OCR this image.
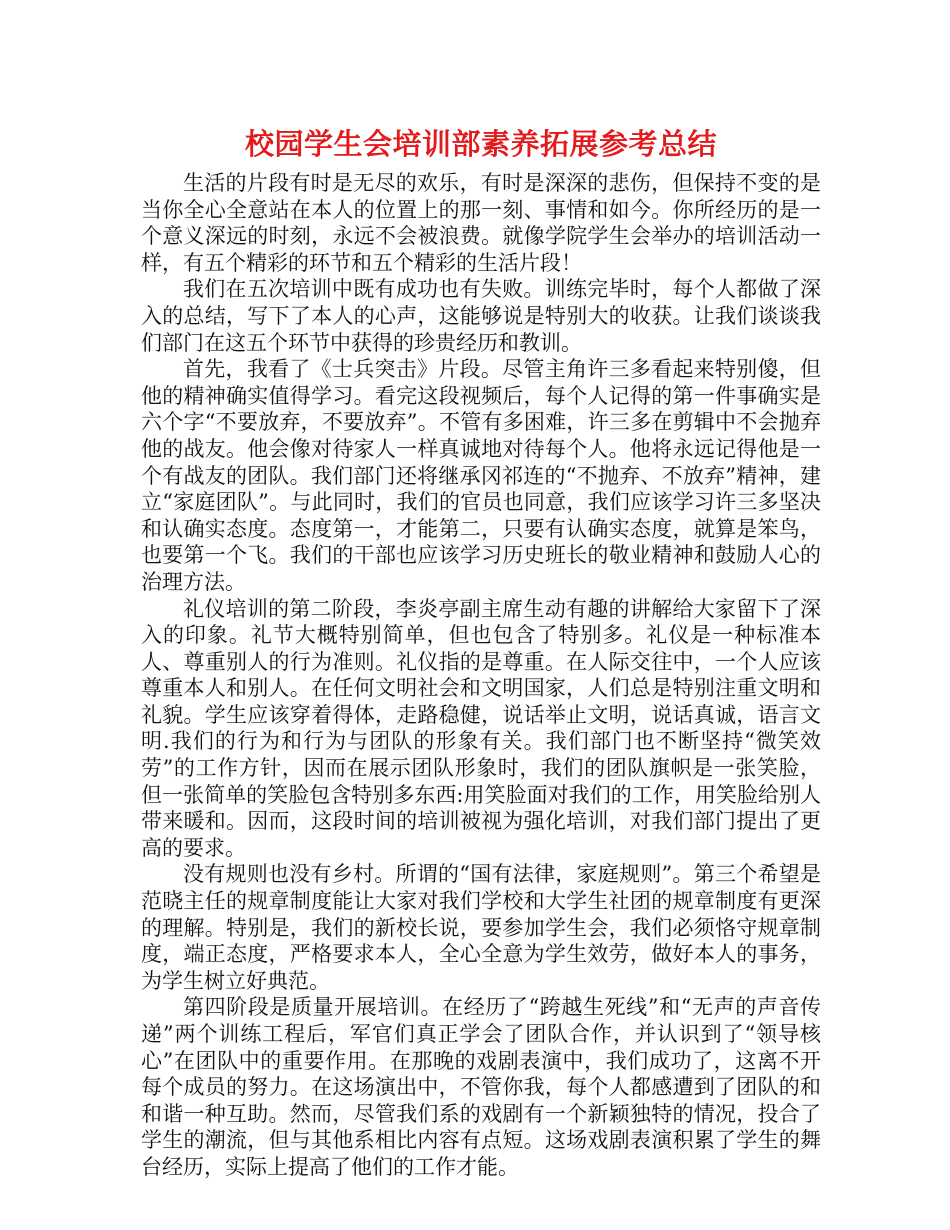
校园学生会培训部素养拓展参考总结

生活的片段有时是无尽的欢乐，有时是深深的悲伤，但保持不变的是当你全心全意站在本人的位置上的那一刻、事情和如今。你所经历的是一个意义深远的时刻，永远不会被浪费。就像学院学生会举办的培训活动一样，有五个精彩的环节和五个精彩的生活片段！

我们在五次培训中既有成功也有失败。训练完毕时，每个人都做了深入的总结，写下了本人的心声，这能够说是特别大的收获。让我们谈谈我们部门在这五个环节中获得的珍贵经历和教训。

首先，我看了《士兵突击》片段。尽管主角许三多看起来特别傻，但他的精神确实值得学习。看完这段视频后，每个人记得的第一件事确实是六个字“不要放弃，不要放弃”。不管有多困难，许三多在剪辑中不会抛弃他的战友。他会像对待家人一样真诚地对待每个人。他将永远记得他是一个有战友的团队。我们部门还将继承冈祁连的“不抛弃、不放弃”精神，建立“家庭团队”。与此同时，我们的官员也同意，我们应该学习许三多坚决和认确实态度。态度第一，才能第二，只要有认确实态度，就算是笨鸟，也要第一个飞。我们的干部也应该学习历史班长的敬业精神和鼓励人心的治理方法。

礼仪培训的第二阶段，李炎亭副主席生动有趣的讲解给大家留下了深入的印象。礼节大概特别简单，但也包含了特别多。礼仪是一种标准本人、尊重别人的行为准则。礼仪指的是尊重。在人际交往中，一个人应该尊重本人和别人。在任何文明社会和文明国家，人们总是特别注重文明和礼貌。学生应该穿着得体，走路稳健，说话举止文明，说话真诚，语言文明.我们的行为和行为与团队的形象有关。我们部门也不断坚持“微笑效劳”的工作方针，因而在展示团队形象时，我们的团队旗帜是一张笑脸，但一张简单的笑脸包含特别多东西:用笑脸面对我们的工作，用笑脸给别人带来暖和。因而，这段时间的培训被视为强化培训，对我们部门提出了更高的要求。

没有规则也没有乡村。所谓的“国有法律，家庭规则”。第三个希望是范晓主任的规章制度能让大家对我们学校和大学生社团的规章制度有更深的理解。特别是，我们的新校长说，要参加学生会，我们必须恪守规章制度，端正态度，严格要求本人，全心全意为学生效劳，做好本人的事务，为学生树立好典范。

第四阶段是质量开展培训。在经历了“跨越生死线”和“无声的声音传递”两个训练工程后，军官们真正学会了团队合作，并认识到了“领导核心”在团队中的重要作用。在那晚的戏剧表演中，我们成功了，这离不开每个成员的努力。在这场演出中，不管你我，每个人都感遭到了团队的和和谐一种互助。然而，尽管我们系的戏剧有一个新颖独特的情况，投合了学生的潮流，但与其他系相比内容有点短。这场戏剧表演积累了学生的舞台经历，实际上提高了他们的工作才能。
